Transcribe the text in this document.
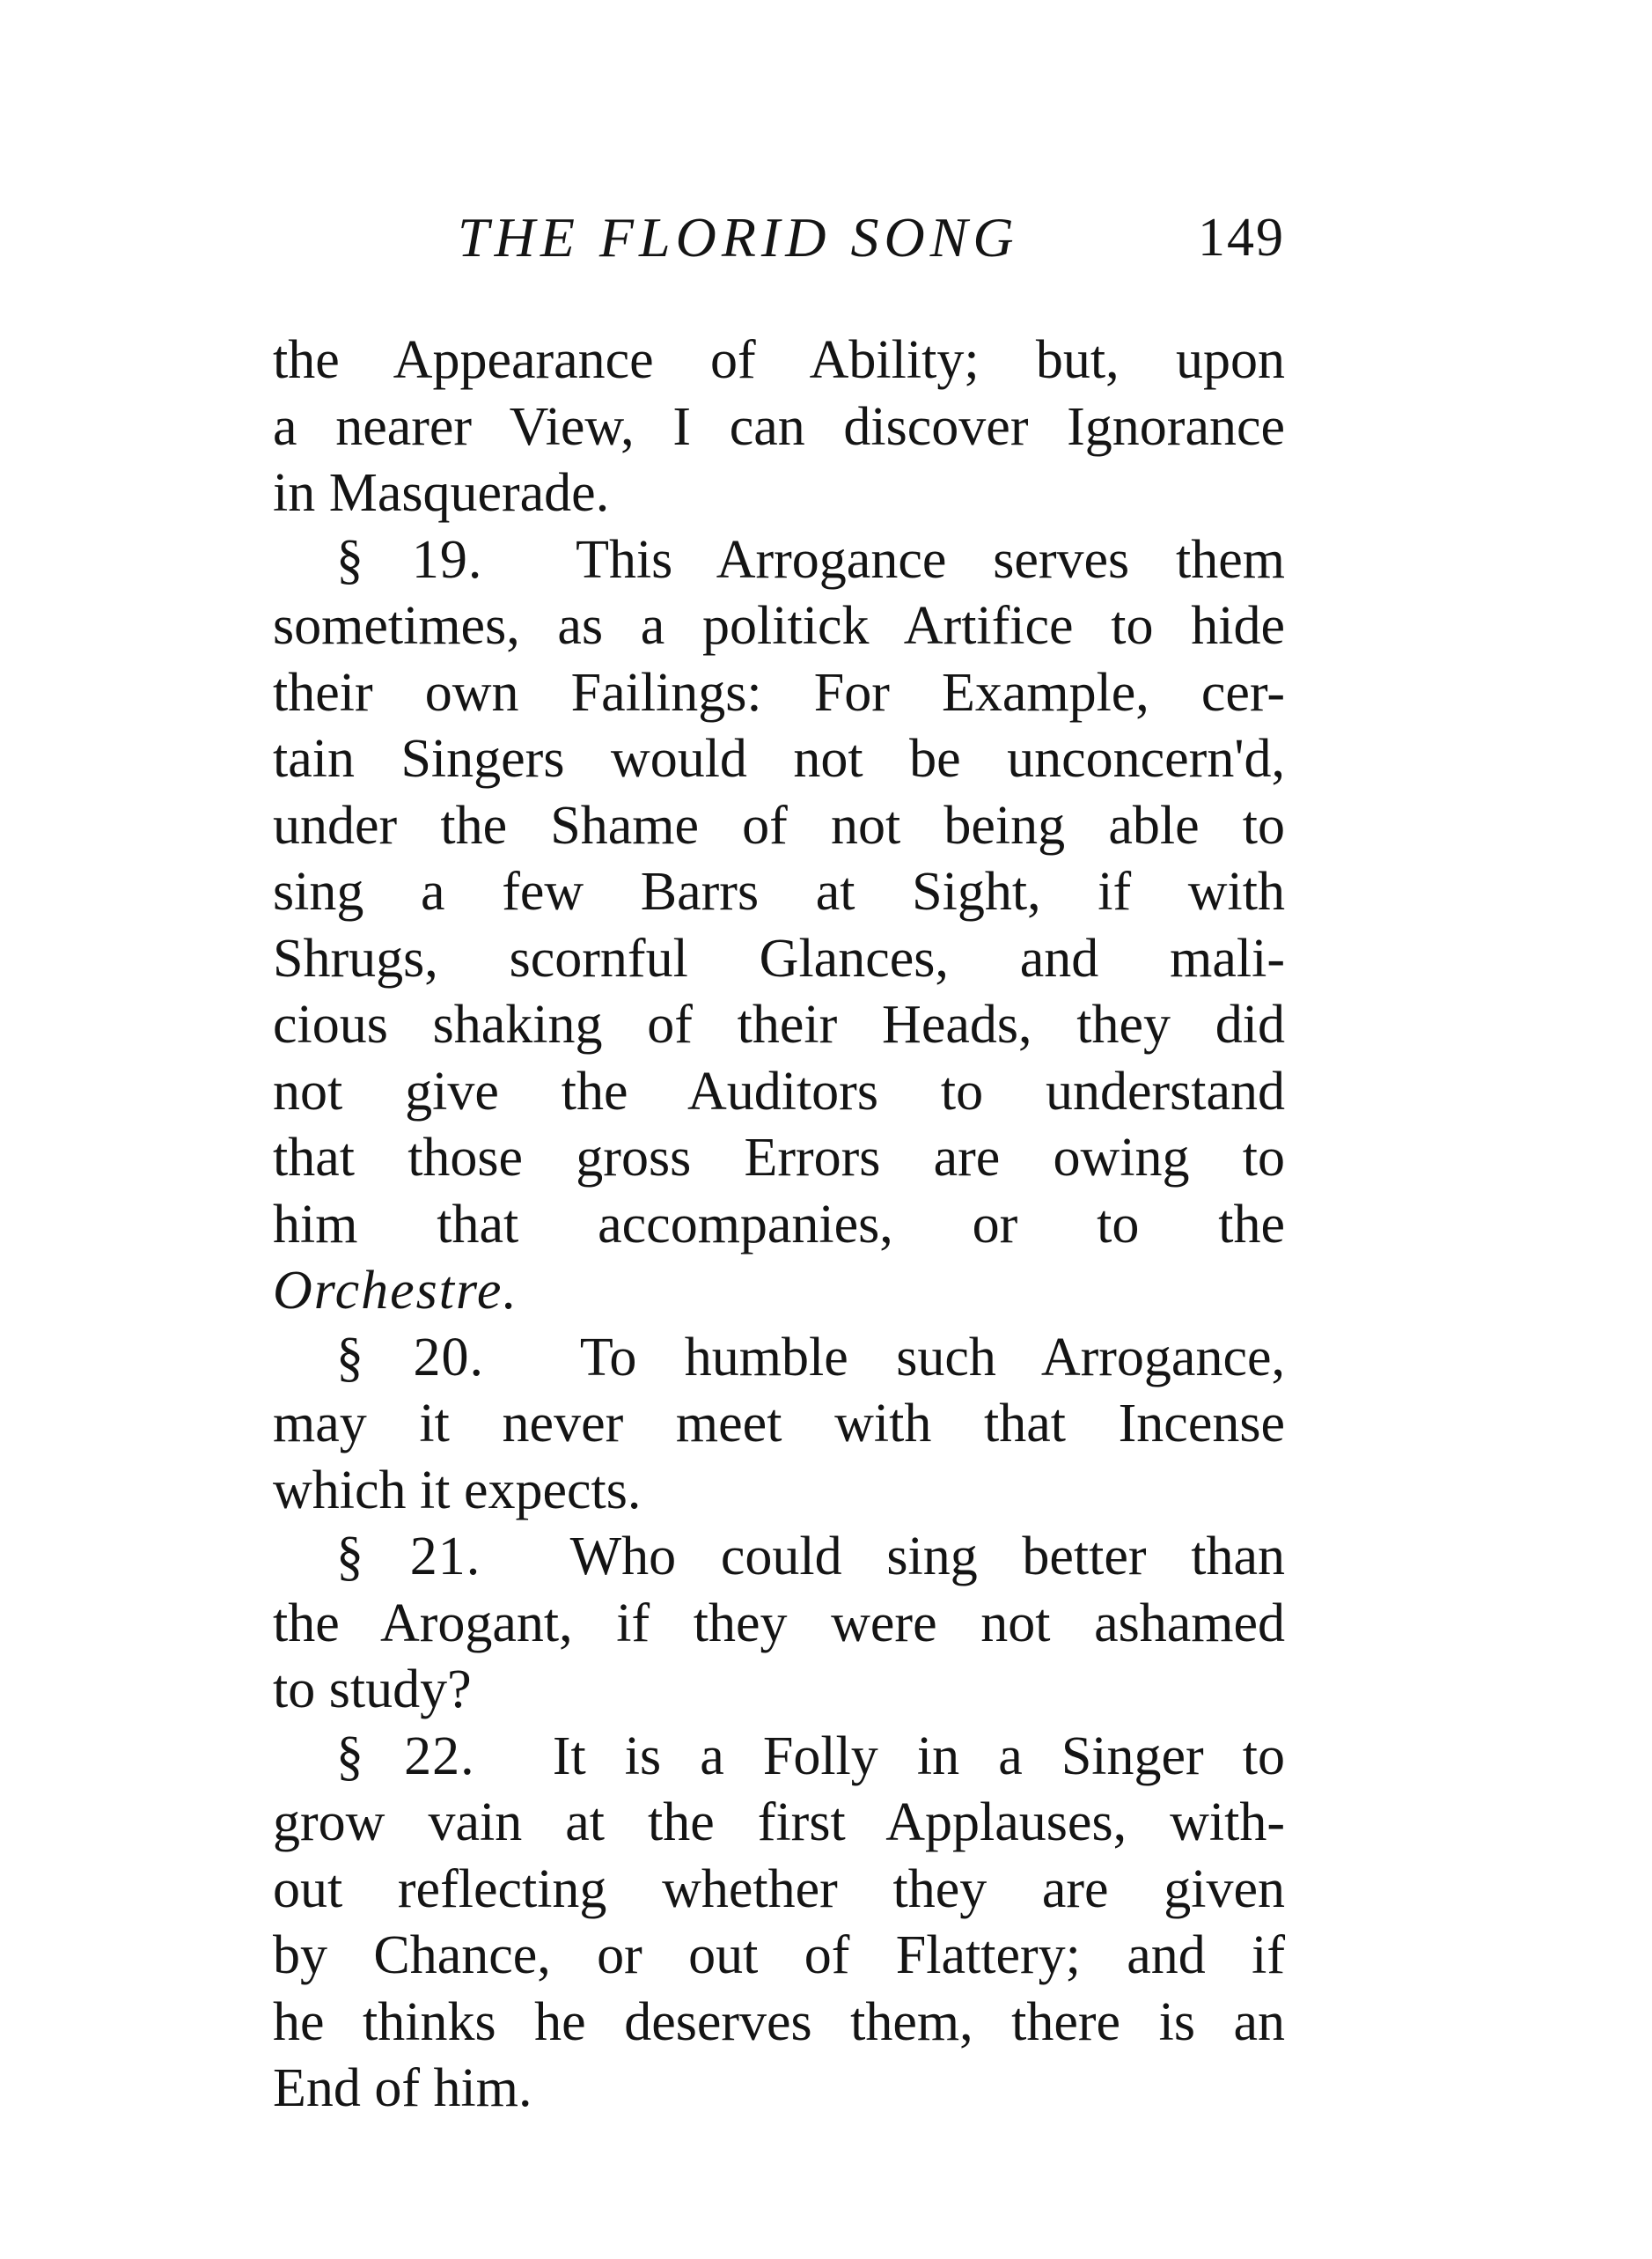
THE FLORID SONG	149
the Appearance of Ability; but, upon
a nearer View, I can discover Ignorance
in Masquerade.
§ 19. This Arrogance serves them
sometimes, as a politick Artifice to hide
their own Failings: For Example, cer-
tain Singers would not be unconcern'd,
under the Shame of not being able to
sing a few Barrs at Sight, if with
Shrugs, scornful Glances, and mali-
cious shaking of their Heads, they did
not give the Auditors to understand
that those gross Errors are owing to
him that accompanies, or to the
Orchestre.
§ 20. To humble such Arrogance,
may it never meet with that Incense
which it expects.
§ 21. Who could sing better than
the Arogant, if they were not ashamed
to study?
§ 22. It is a Folly in a Singer to
grow vain at the first Applauses, with-
out reflecting whether they are given
by Chance, or out of Flattery; and if
he thinks he deserves them, there is an
End of him.
